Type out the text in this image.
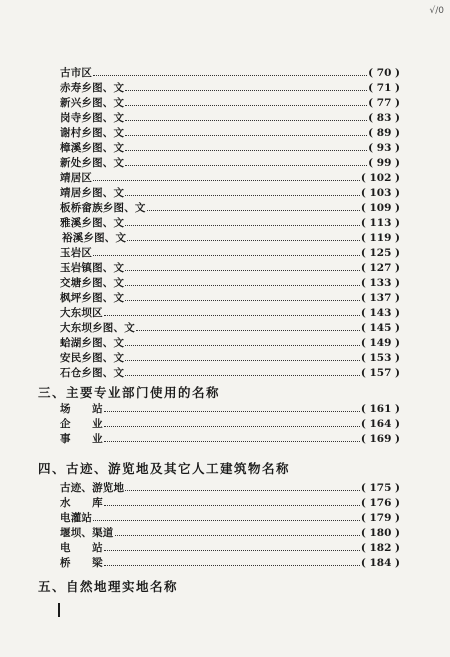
√/0
古市区	( 70 )
赤寿乡图、文	( 71 )
新兴乡图、文	( 77 )
岗寺乡图、文	( 83 )
谢村乡图、文	( 89 )
樟溪乡图、文	( 93 )
新处乡图、文	( 99 )
靖居区	( 102 )
靖居乡图、文	( 103 )
板桥畲族乡图、文	( 109 )
雅溪乡图、文	( 113 )
裕溪乡图、文	( 119 )
玉岩区	( 125 )
玉岩镇图、文	( 127 )
交塘乡图、文	( 133 )
枫坪乡图、文	( 137 )
大东坝区	( 143 )
大东坝乡图、文	( 145 )
蛤湖乡图、文	( 149 )
安民乡图、文	( 153 )
石仓乡图、文	( 157 )
三、主要专业部门使用的名称
场　　站	( 161 )
企　　业	( 164 )
事　　业	( 169 )
四、古迹、游览地及其它人工建筑物名称
古迹、游览地	( 175 )
水　　库	( 176 )
电灌站	( 179 )
堰坝、渠道	( 180 )
电　　站	( 182 )
桥　　梁	( 184 )
五、自然地理实地名称
